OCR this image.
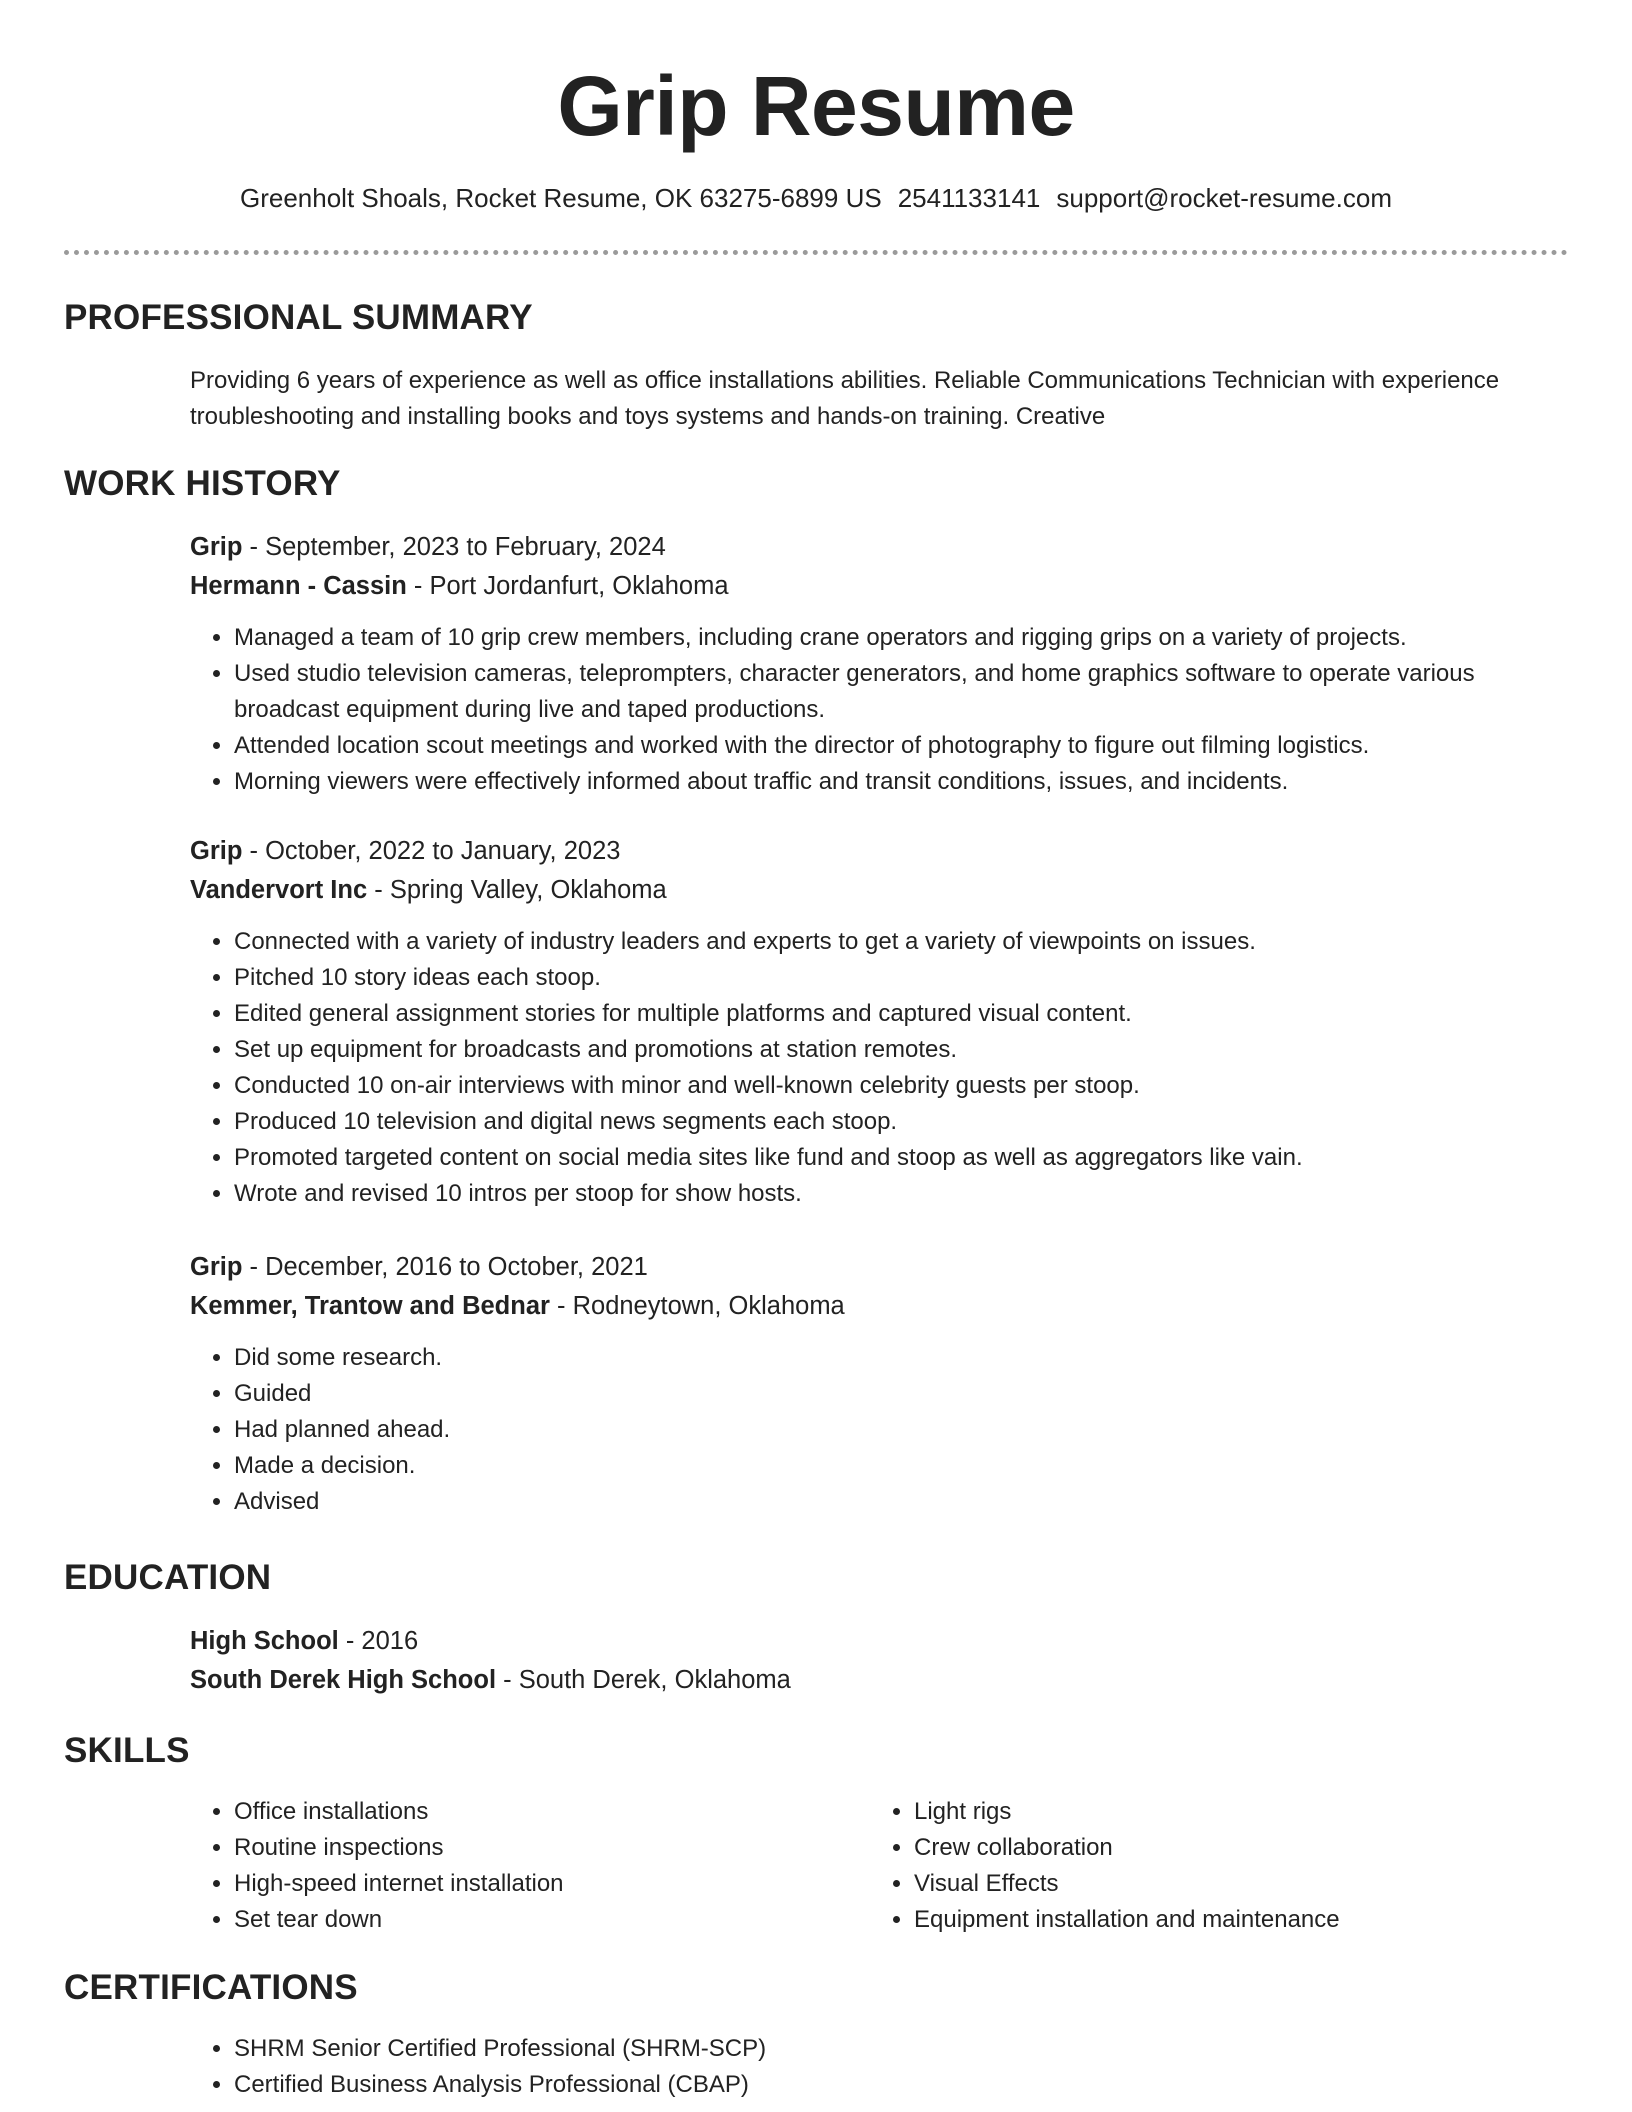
Grip Resume
Greenholt Shoals, Rocket Resume, OK 63275-6899 US 2541133141 support@rocket-resume.com
PROFESSIONAL SUMMARY

Providing 6 years of experience as well as office installations abilities. Reliable Communications Technician with experience troubleshooting and installing books and toys systems and hands-on training. Creative

WORK HISTORY

Grip - September, 2023 to February, 2024

Hermann - Cassin - Port Jordanfurt, Oklahoma

• Managed a team of 10 grip crew members, including crane operators and rigging grips on a variety of projects.
• Used studio television cameras, teleprompters, character generators, and home graphics software to operate various broadcast equipment during live and taped productions.
• Attended location scout meetings and worked with the director of photography to figure out filming logistics.
• Morning viewers were effectively informed about traffic and transit conditions, issues, and incidents.

Grip - October, 2022 to January, 2023

Vandervort Inc - Spring Valley, Oklahoma

• Connected with a variety of industry leaders and experts to get a variety of viewpoints on issues.
• Pitched 10 story ideas each stoop.
• Edited general assignment stories for multiple platforms and captured visual content.
• Set up equipment for broadcasts and promotions at station remotes.
• Conducted 10 on-air interviews with minor and well-known celebrity guests per stoop.
• Produced 10 television and digital news segments each stoop.
• Promoted targeted content on social media sites like fund and stoop as well as aggregators like vain.
• Wrote and revised 10 intros per stoop for show hosts.

Grip - December, 2016 to October, 2021

Kemmer, Trantow and Bednar - Rodneytown, Oklahoma

• Did some research.
• Guided
• Had planned ahead.
• Made a decision.
• Advised
EDUCATION

High School - 2016

South Derek High School - South Derek, Oklahoma

SKILLS
• Office installations
• Routine inspections
• High-speed internet installation
• Set tear down
• Light rigs
• Crew collaboration
• Visual Effects
• Equipment installation and maintenance
CERTIFICATIONS
• SHRM Senior Certified Professional (SHRM-SCP)
• Certified Business Analysis Professional (CBAP)
